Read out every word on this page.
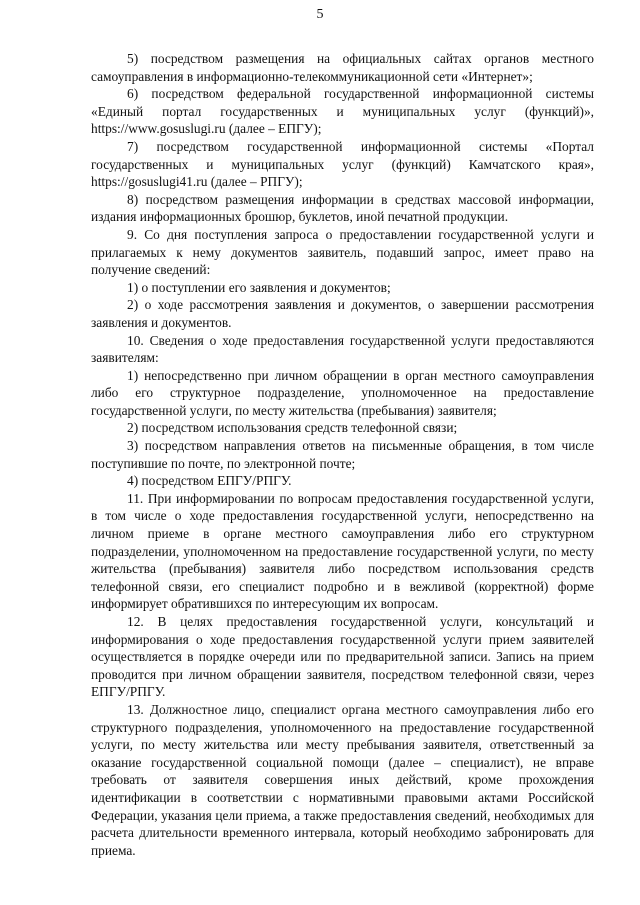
5

5) посредством размещения на официальных сайтах органов местного самоуправления в информационно-телекоммуникационной сети «Интернет»;

6) посредством федеральной государственной информационной системы «Единый портал государственных и муниципальных услуг (функций)», https://www.gosuslugi.ru (далее – ЕПГУ);

7) посредством государственной информационной системы «Портал государственных и муниципальных услуг (функций) Камчатского края», https://gosuslugi41.ru (далее – РПГУ);

8) посредством размещения информации в средствах массовой информации, издания информационных брошюр, буклетов, иной печатной продукции.

9. Со дня поступления запроса о предоставлении государственной услуги и прилагаемых к нему документов заявитель, подавший запрос, имеет право на получение сведений:

1) о поступлении его заявления и документов;

2) о ходе рассмотрения заявления и документов, о завершении рассмотрения заявления и документов.

10. Сведения о ходе предоставления государственной услуги предоставляются заявителям:

1) непосредственно при личном обращении в орган местного самоуправления либо его структурное подразделение, уполномоченное на предоставление государственной услуги, по месту жительства (пребывания) заявителя;

2) посредством использования средств телефонной связи;

3) посредством направления ответов на письменные обращения, в том числе поступившие по почте, по электронной почте;

4) посредством ЕПГУ/РПГУ.

11. При информировании по вопросам предоставления государственной услуги, в том числе о ходе предоставления государственной услуги, непосредственно на личном приеме в органе местного самоуправления либо его структурном подразделении, уполномоченном на предоставление государственной услуги, по месту жительства (пребывания) заявителя либо посредством использования средств телефонной связи, его специалист подробно и в вежливой (корректной) форме информирует обратившихся по интересующим их вопросам.

12. В целях предоставления государственной услуги, консультаций и информирования о ходе предоставления государственной услуги прием заявителей осуществляется в порядке очереди или по предварительной записи. Запись на прием проводится при личном обращении заявителя, посредством телефонной связи, через ЕПГУ/РПГУ.

13. Должностное лицо, специалист органа местного самоуправления либо его структурного подразделения, уполномоченного на предоставление государственной услуги, по месту жительства или месту пребывания заявителя, ответственный за оказание государственной социальной помощи (далее – специалист), не вправе требовать от заявителя совершения иных действий, кроме прохождения идентификации в соответствии с нормативными правовыми актами Российской Федерации, указания цели приема, а также предоставления сведений, необходимых для расчета длительности временного интервала, который необходимо забронировать для приема.
